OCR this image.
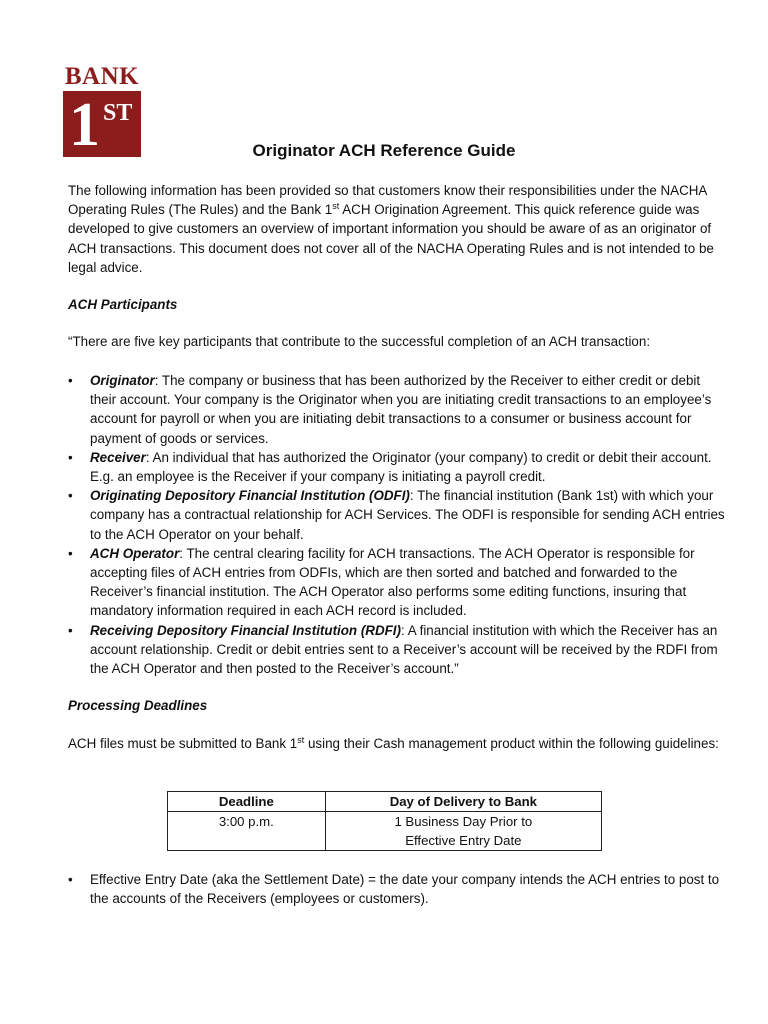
BANK
1 ST
Originator ACH Reference Guide
The following information has been provided so that customers know their responsibilities under the NACHA Operating Rules (The Rules) and the Bank 1st ACH Origination Agreement. This quick reference guide was developed to give customers an overview of important information you should be aware of as an originator of ACH transactions. This document does not cover all of the NACHA Operating Rules and is not intended to be legal advice.
ACH Participants
“There are five key participants that contribute to the successful completion of an ACH transaction:
• Originator: The company or business that has been authorized by the Receiver to either credit or debit their account. Your company is the Originator when you are initiating credit transactions to an employee’s account for payroll or when you are initiating debit transactions to a consumer or business account for payment of goods or services.
• Receiver: An individual that has authorized the Originator (your company) to credit or debit their account. E.g. an employee is the Receiver if your company is initiating a payroll credit.
• Originating Depository Financial Institution (ODFI): The financial institution (Bank 1st) with which your company has a contractual relationship for ACH Services. The ODFI is responsible for sending ACH entries to the ACH Operator on your behalf.
• ACH Operator: The central clearing facility for ACH transactions. The ACH Operator is responsible for accepting files of ACH entries from ODFIs, which are then sorted and batched and forwarded to the Receiver’s financial institution. The ACH Operator also performs some editing functions, insuring that mandatory information required in each ACH record is included.
• Receiving Depository Financial Institution (RDFI): A financial institution with which the Receiver has an account relationship. Credit or debit entries sent to a Receiver’s account will be received by the RDFI from the ACH Operator and then posted to the Receiver’s account.”
Processing Deadlines
ACH files must be submitted to Bank 1st using their Cash management product within the following guidelines:
Deadline	Day of Delivery to Bank
3:00 p.m.	1 Business Day Prior to
Effective Entry Date
• Effective Entry Date (aka the Settlement Date) = the date your company intends the ACH entries to post to the accounts of the Receivers (employees or customers).
